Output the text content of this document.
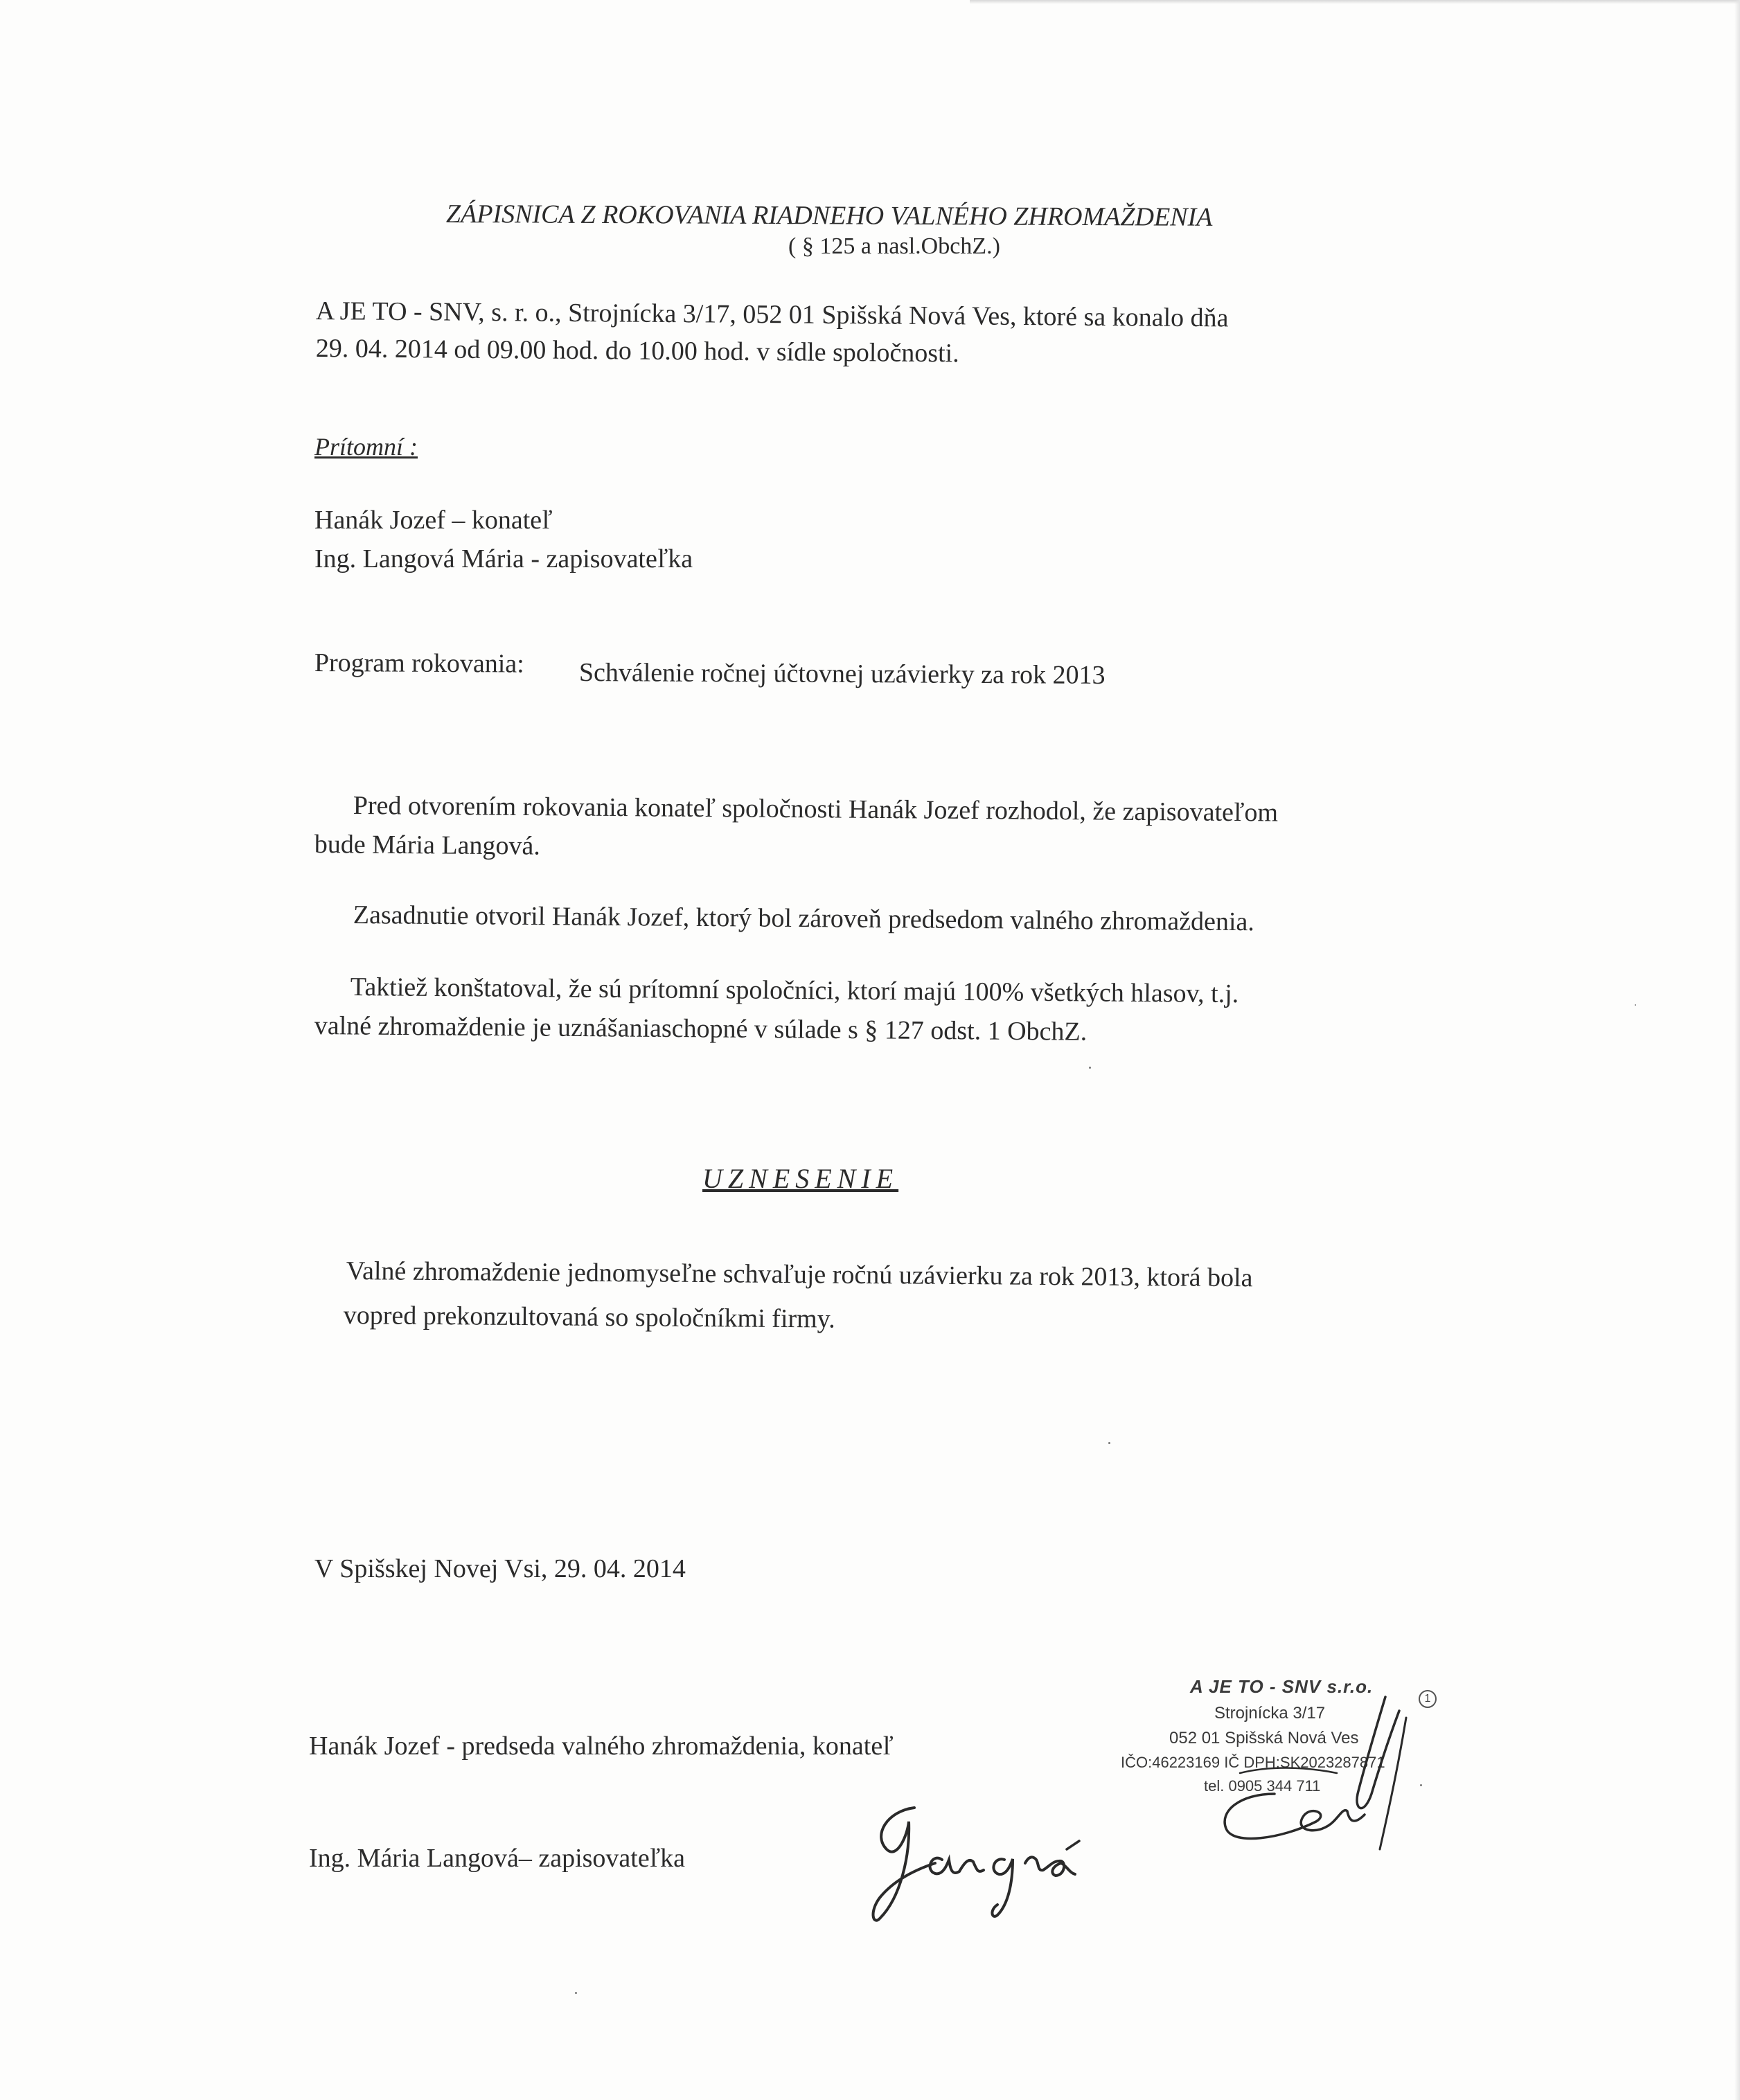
ZÁPISNICA Z ROKOVANIA RIADNEHO VALNÉHO ZHROMAŽDENIA
( § 125 a nasl.ObchZ.)
A JE TO - SNV, s. r. o., Strojnícka 3/17, 052 01 Spišská Nová Ves, ktoré sa konalo dňa
29. 04. 2014 od 09.00 hod. do 10.00 hod. v sídle spoločnosti.
Prítomní :
Hanák Jozef – konateľ
Ing. Langová Mária - zapisovateľka
Program rokovania: Schválenie ročnej účtovnej uzávierky za rok 2013
Pred otvorením rokovania konateľ spoločnosti Hanák Jozef rozhodol, že zapisovateľom
bude Mária Langová.
Zasadnutie otvoril Hanák Jozef, ktorý bol zároveň predsedom valného zhromaždenia.
Taktiež konštatoval, že sú prítomní spoločníci, ktorí majú 100% všetkých hlasov, t.j.
valné zhromaždenie je uznášaniaschopné v súlade s § 127 odst. 1 ObchZ.
UZNESENIE
Valné zhromaždenie jednomyseľne schvaľuje ročnú uzávierku za rok 2013, ktorá bola
vopred prekonzultovaná so spoločníkmi firmy.
V Spišskej Novej Vsi, 29. 04. 2014
Hanák Jozef - predseda valného zhromaždenia, konateľ
Ing. Mária Langová– zapisovateľka
A JE TO - SNV s.r.o.
1
Strojnícka 3/17
052 01 Spišská Nová Ves
IČO:46223169 IČ DPH:SK2023287871
tel. 0905 344 711
